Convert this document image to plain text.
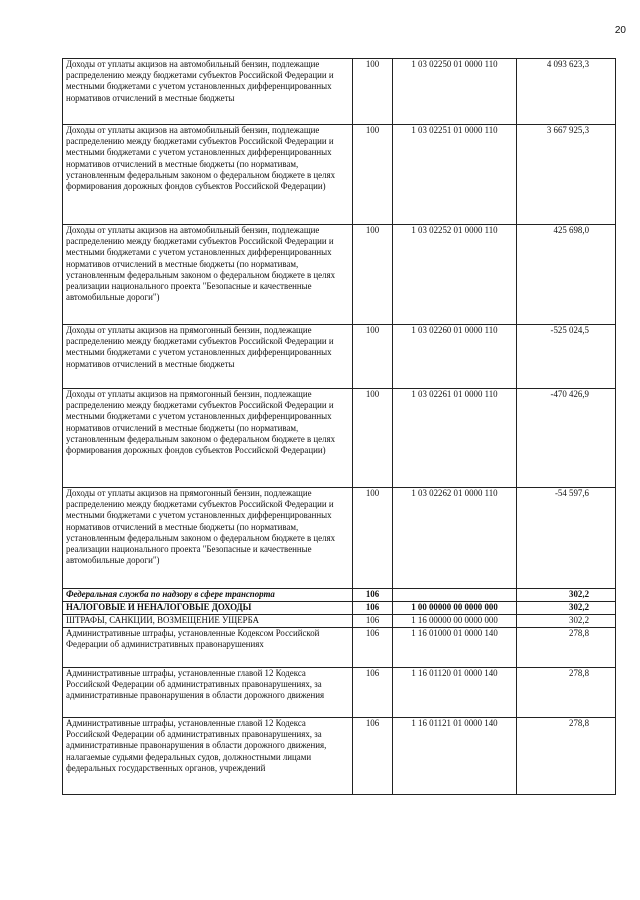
20
Доходы от уплаты акцизов на автомобильный бензин, подлежащие распределению между бюджетами субъектов Российской Федерации и местными бюджетами с учетом установленных дифференцированных нормативов отчислений в местные бюджеты	100	1 03 02250 01 0000 110	4 093 623,3
Доходы от уплаты акцизов на автомобильный бензин, подлежащие распределению между бюджетами субъектов Российской Федерации и местными бюджетами с учетом установленных дифференцированных нормативов отчислений в местные бюджеты (по нормативам, установленным федеральным законом о федеральном бюджете в целях формирования дорожных фондов субъектов Российской Федерации)	100	1 03 02251 01 0000 110	3 667 925,3
Доходы от уплаты акцизов на автомобильный бензин, подлежащие распределению между бюджетами субъектов Российской Федерации и местными бюджетами с учетом установленных дифференцированных нормативов отчислений в местные бюджеты (по нормативам, установленным федеральным законом о федеральном бюджете в целях реализации национального проекта "Безопасные и качественные автомобильные дороги")	100	1 03 02252 01 0000 110	425 698,0
Доходы от уплаты акцизов на прямогонный бензин, подлежащие распределению между бюджетами субъектов Российской Федерации и местными бюджетами с учетом установленных дифференцированных нормативов отчислений в местные бюджеты	100	1 03 02260 01 0000 110	-525 024,5
Доходы от уплаты акцизов на прямогонный бензин, подлежащие распределению между бюджетами субъектов Российской Федерации и местными бюджетами с учетом установленных дифференцированных нормативов отчислений в местные бюджеты (по нормативам, установленным федеральным законом о федеральном бюджете в целях формирования дорожных фондов субъектов Российской Федерации)	100	1 03 02261 01 0000 110	-470 426,9
Доходы от уплаты акцизов на прямогонный бензин, подлежащие распределению между бюджетами субъектов Российской Федерации и местными бюджетами с учетом установленных дифференцированных нормативов отчислений в местные бюджеты (по нормативам, установленным федеральным законом о федеральном бюджете в целях реализации национального проекта "Безопасные и качественные автомобильные дороги")	100	1 03 02262 01 0000 110	-54 597,6
Федеральная служба по надзору в сфере транспорта	106		302,2
НАЛОГОВЫЕ И НЕНАЛОГОВЫЕ ДОХОДЫ	106	1 00 00000 00 0000 000	302,2
ШТРАФЫ, САНКЦИИ, ВОЗМЕЩЕНИЕ УЩЕРБА	106	1 16 00000 00 0000 000	302,2
Административные штрафы, установленные Кодексом Российской Федерации об административных правонарушениях	106	1 16 01000 01 0000 140	278,8
Административные штрафы, установленные главой 12 Кодекса Российской Федерации об административных правонарушениях, за административные правонарушения в области дорожного движения	106	1 16 01120 01 0000 140	278,8
Административные штрафы, установленные главой 12 Кодекса Российской Федерации об административных правонарушениях, за административные правонарушения в области дорожного движения, налагаемые судьями федеральных судов, должностными лицами федеральных государственных органов, учреждений	106	1 16 01121 01 0000 140	278,8
